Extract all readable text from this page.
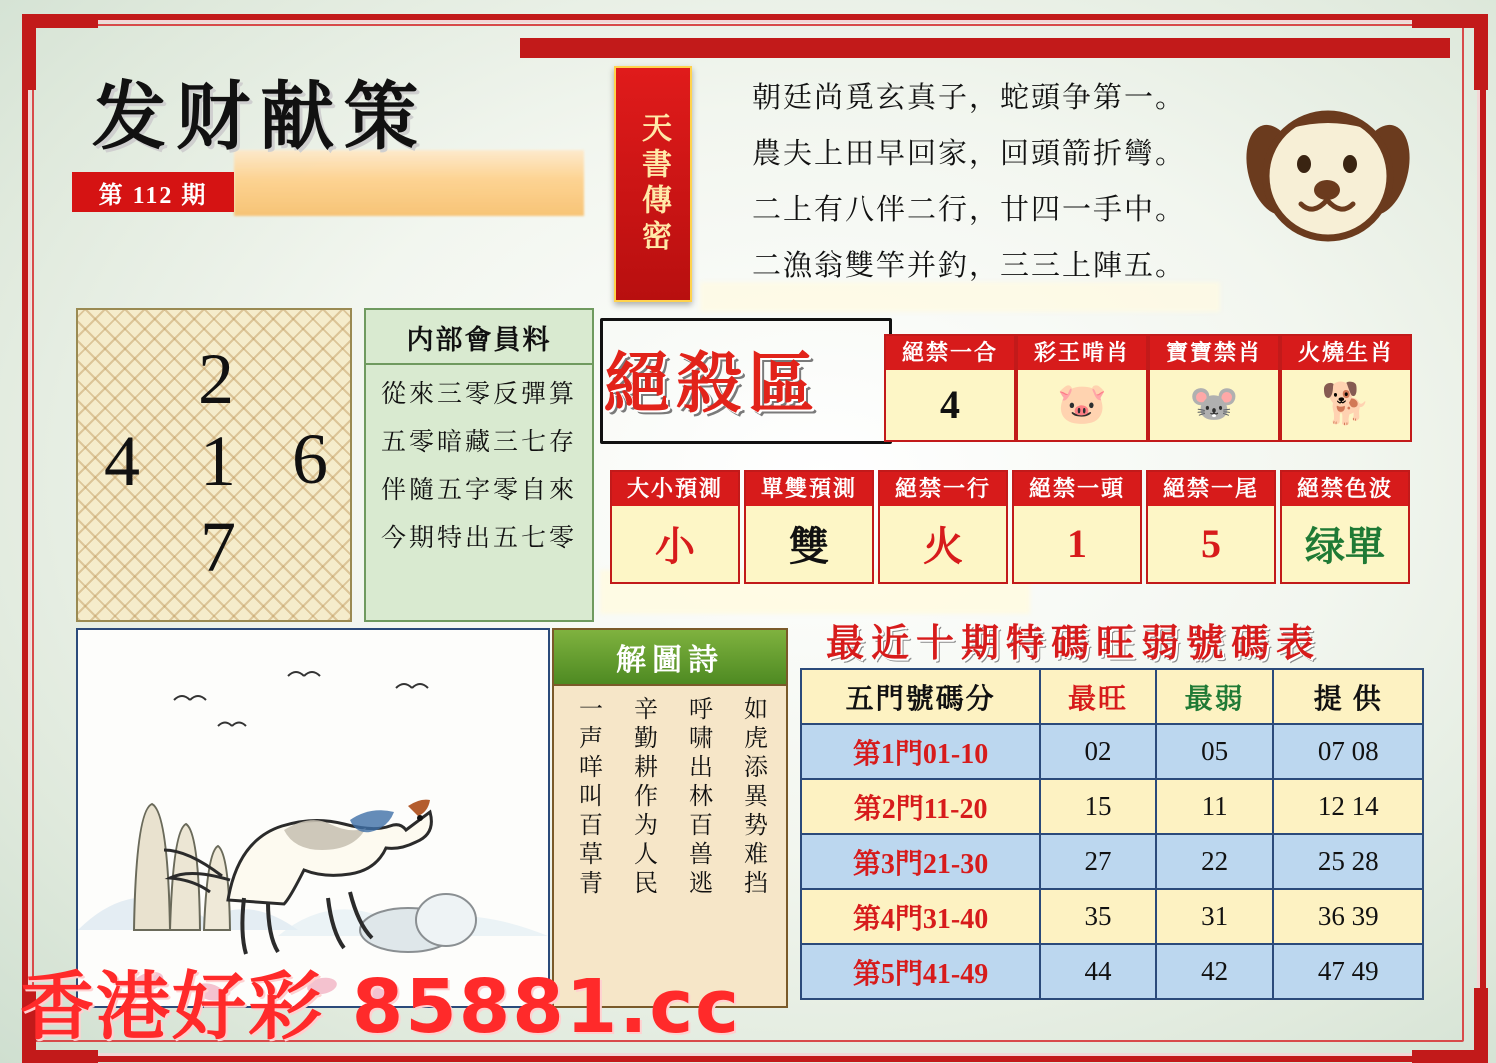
发财献策
第 112 期	天書傳密
朝廷尚覓玄真子，蛇頭争第一。
農夫上田早回家，回頭箭折彎。
二上有八伴二行，廿四一手中。
二漁翁雙竿并釣，三三上陣五。
2
4 1 6
7
内部會員料
從來三零反彈算
五零暗藏三七存
伴隨五字零自來
今期特出五七零
絕殺區	絕禁一合
4
彩王啃肖
🐷
寶寶禁肖
🐭
火燒生肖
🐕
大小預測
小
單雙預測
雙
絕禁一行
火
絕禁一頭
1
絕禁一尾
5
絕禁色波
绿單
解圖詩
如虎添異势难挡
呼啸出林百兽逃
辛勤耕作为人民
一声咩叫百草青
最近十期特碼旺弱號碼表
五門號碼分	最旺	最弱	提 供
第1門01-10	02	05	07 08
第2門11-20	15	11	12 14
第3門21-30	27	22	25 28
第4門31-40	35	31	36 39
第5門41-49	44	42	47 49
香港好彩 85881.cc
